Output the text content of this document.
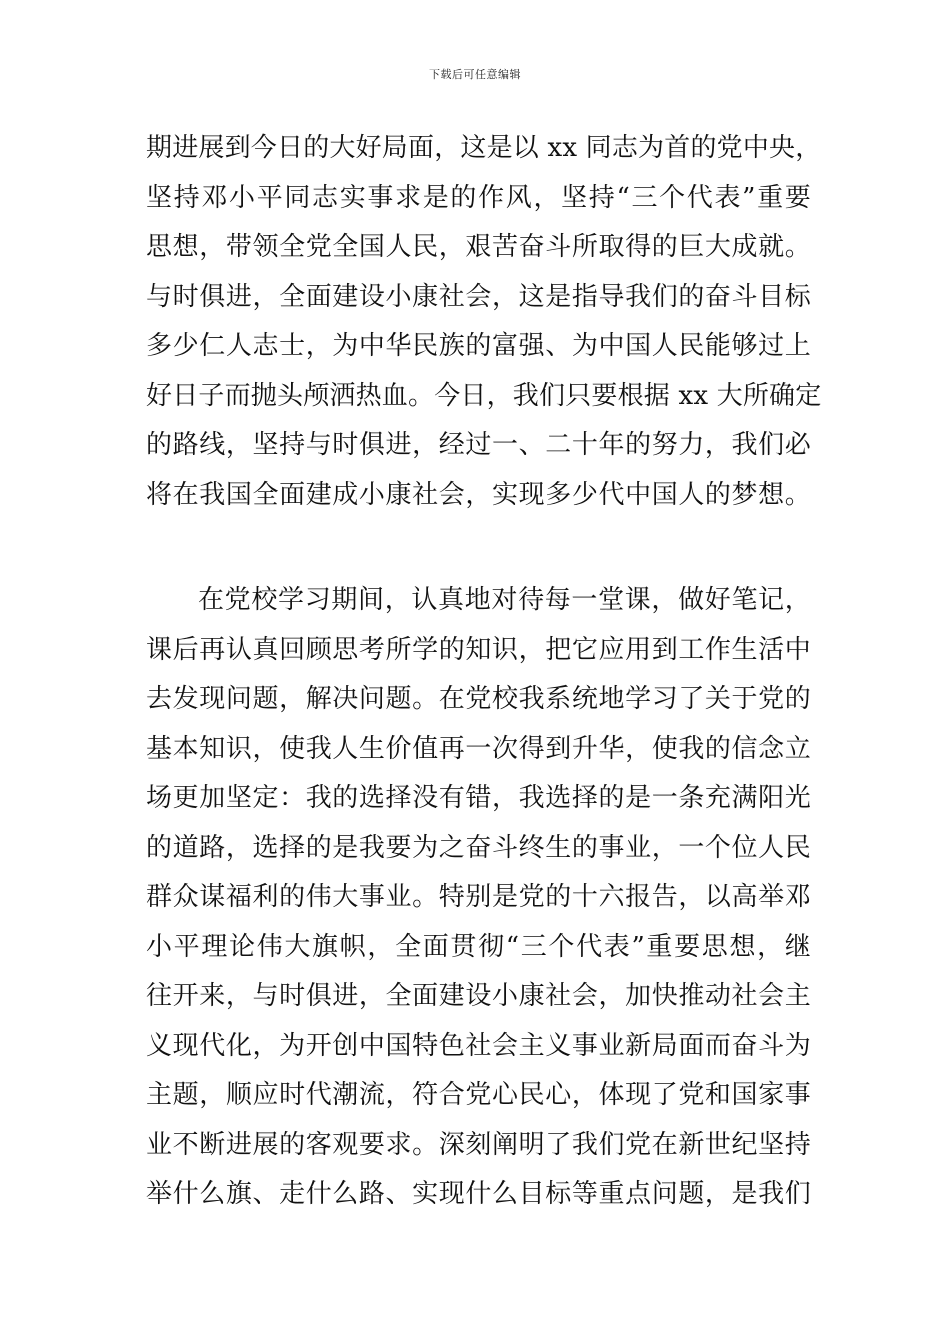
下载后可任意编辑
期进展到今日的大好局面，这是以 xx 同志为首的党中央，
坚持邓小平同志实事求是的作风，坚持“三个代表”重要
思想，带领全党全国人民，艰苦奋斗所取得的巨大成就。
与时俱进，全面建设小康社会，这是指导我们的奋斗目标
多少仁人志士，为中华民族的富强、为中国人民能够过上
好日子而抛头颅洒热血。今日，我们只要根据 xx 大所确定
的路线，坚持与时俱进，经过一、二十年的努力，我们必
将在我国全面建成小康社会，实现多少代中国人的梦想。
在党校学习期间，认真地对待每一堂课，做好笔记，
课后再认真回顾思考所学的知识，把它应用到工作生活中
去发现问题，解决问题。在党校我系统地学习了关于党的
基本知识，使我人生价值再一次得到升华，使我的信念立
场更加坚定：我的选择没有错，我选择的是一条充满阳光
的道路，选择的是我要为之奋斗终生的事业，一个位人民
群众谋福利的伟大事业。特别是党的十六报告，以高举邓
小平理论伟大旗帜，全面贯彻“三个代表”重要思想，继
往开来，与时俱进，全面建设小康社会，加快推动社会主
义现代化，为开创中国特色社会主义事业新局面而奋斗为
主题，顺应时代潮流，符合党心民心，体现了党和国家事
业不断进展的客观要求。深刻阐明了我们党在新世纪坚持
举什么旗、走什么路、实现什么目标等重点问题，是我们
